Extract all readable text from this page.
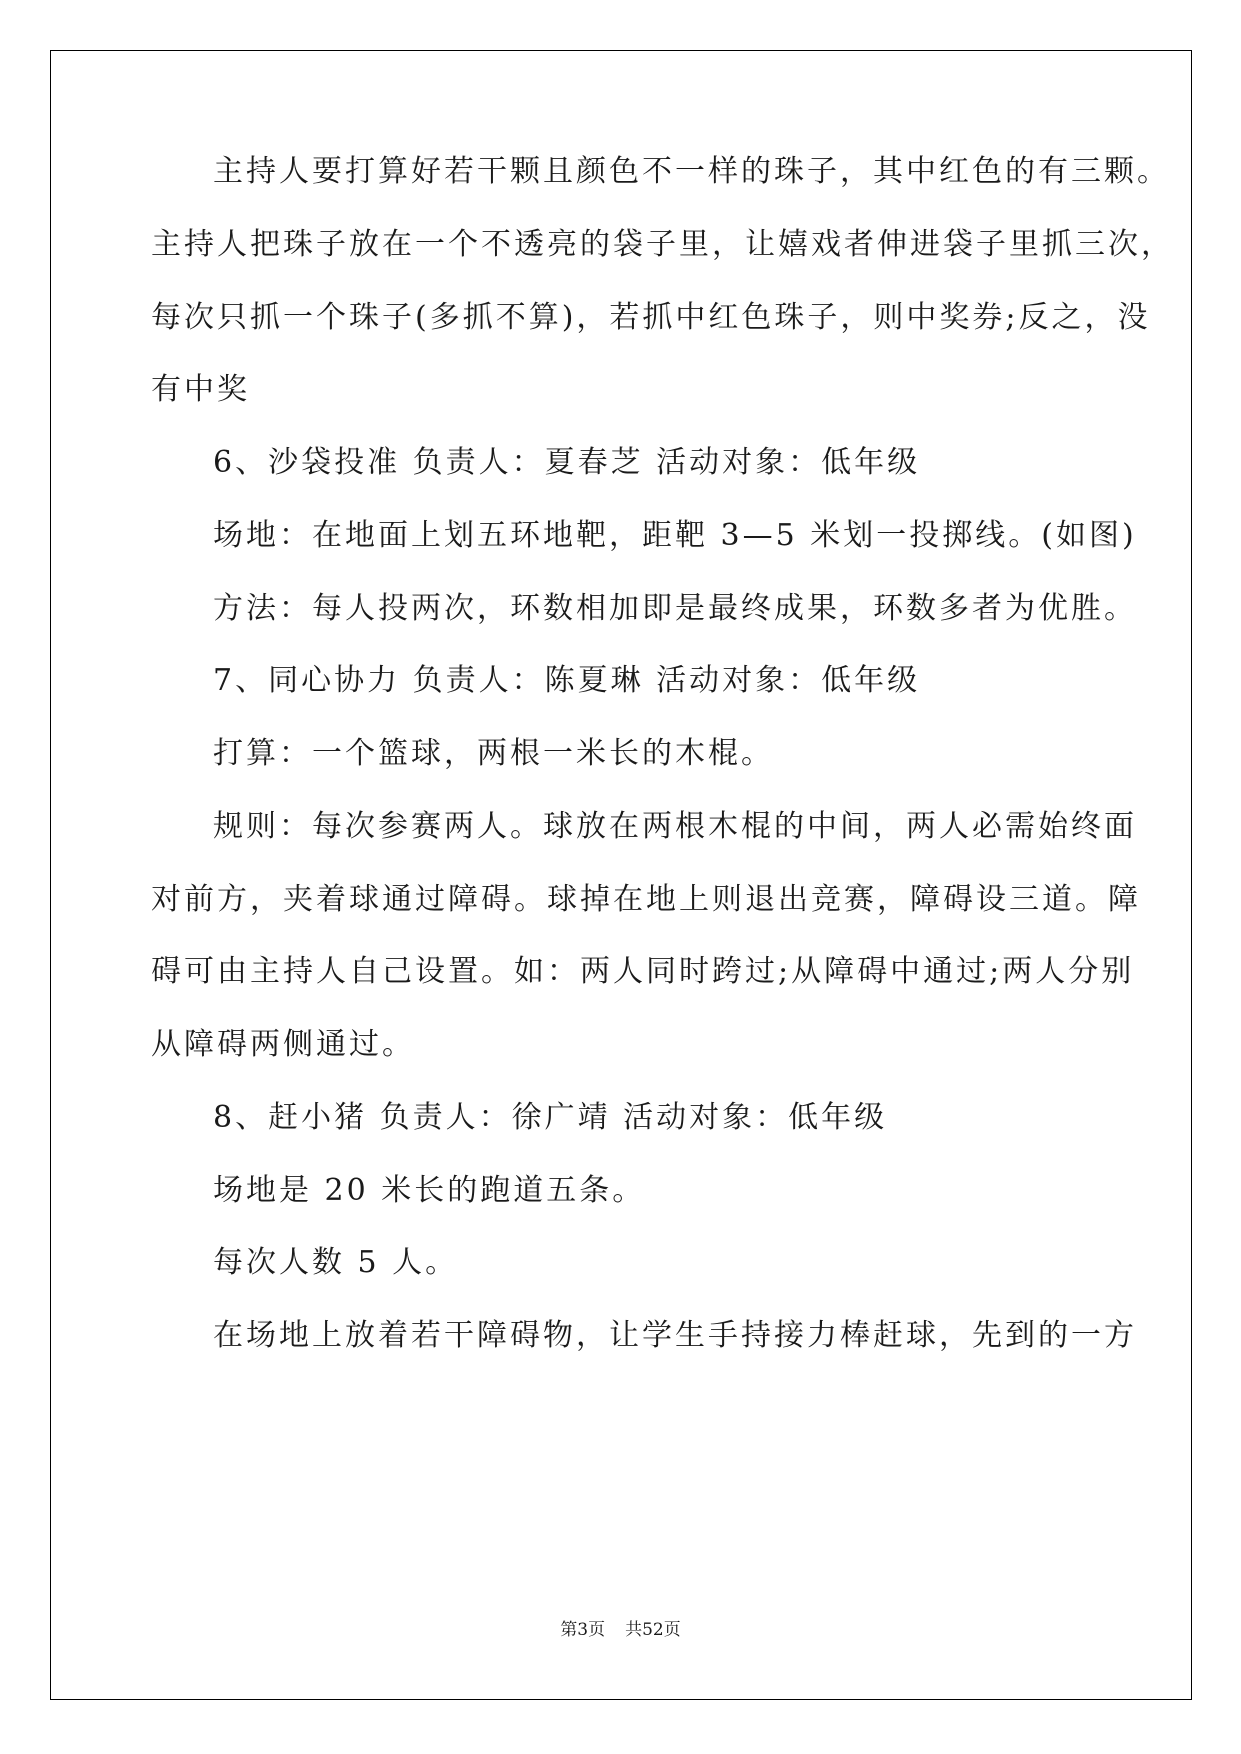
主持人要打算好若干颗且颜色不一样的珠子，其中红色的有三颗。
主持人把珠子放在一个不透亮的袋子里，让嬉戏者伸进袋子里抓三次，
每次只抓一个珠子(多抓不算)，若抓中红色珠子，则中奖券;反之，没
有中奖
6、沙袋投准 负责人：夏春芝 活动对象：低年级
场地：在地面上划五环地靶，距靶 3—5 米划一投掷线。(如图)
方法：每人投两次，环数相加即是最终成果，环数多者为优胜。
7、同心协力 负责人：陈夏琳 活动对象：低年级
打算：一个篮球，两根一米长的木棍。
规则：每次参赛两人。球放在两根木棍的中间，两人必需始终面
对前方，夹着球通过障碍。球掉在地上则退出竞赛，障碍设三道。障
碍可由主持人自己设置。如：两人同时跨过;从障碍中通过;两人分别
从障碍两侧通过。
8、赶小猪 负责人：徐广靖 活动对象：低年级
场地是 20 米长的跑道五条。
每次人数 5 人。
在场地上放着若干障碍物，让学生手持接力棒赶球，先到的一方
第3页 共52页
